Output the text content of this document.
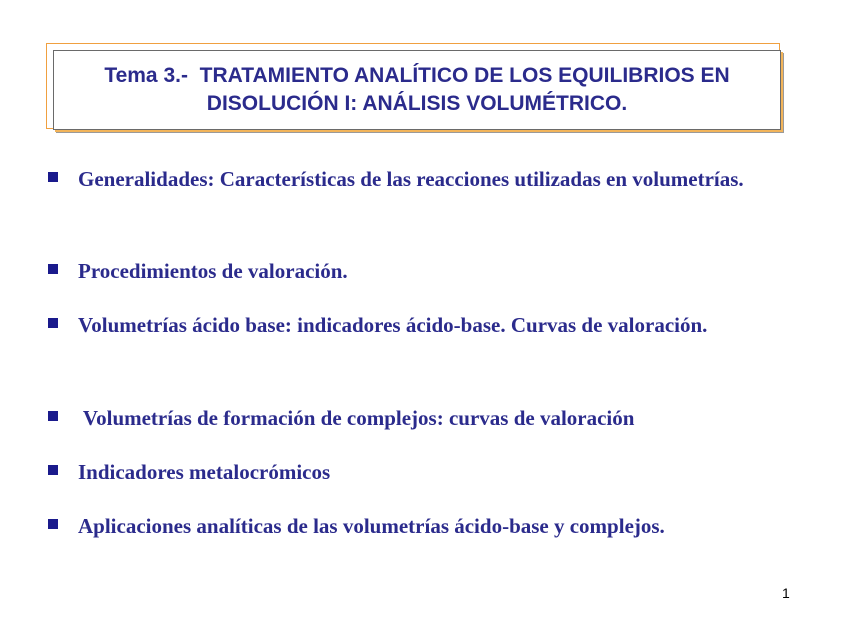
Tema 3.-  TRATAMIENTO ANALÍTICO DE LOS EQUILIBRIOS EN
DISOLUCIÓN I: ANÁLISIS VOLUMÉTRICO.

Generalidades: Características de las reacciones utilizadas en volumetrías.

Procedimientos de valoración.

Volumetrías ácido base: indicadores ácido-base. Curvas de valoración.

Volumetrías de formación de complejos: curvas de valoración

Indicadores metalocrómicos

Aplicaciones analíticas de las volumetrías ácido-base y complejos.

1
